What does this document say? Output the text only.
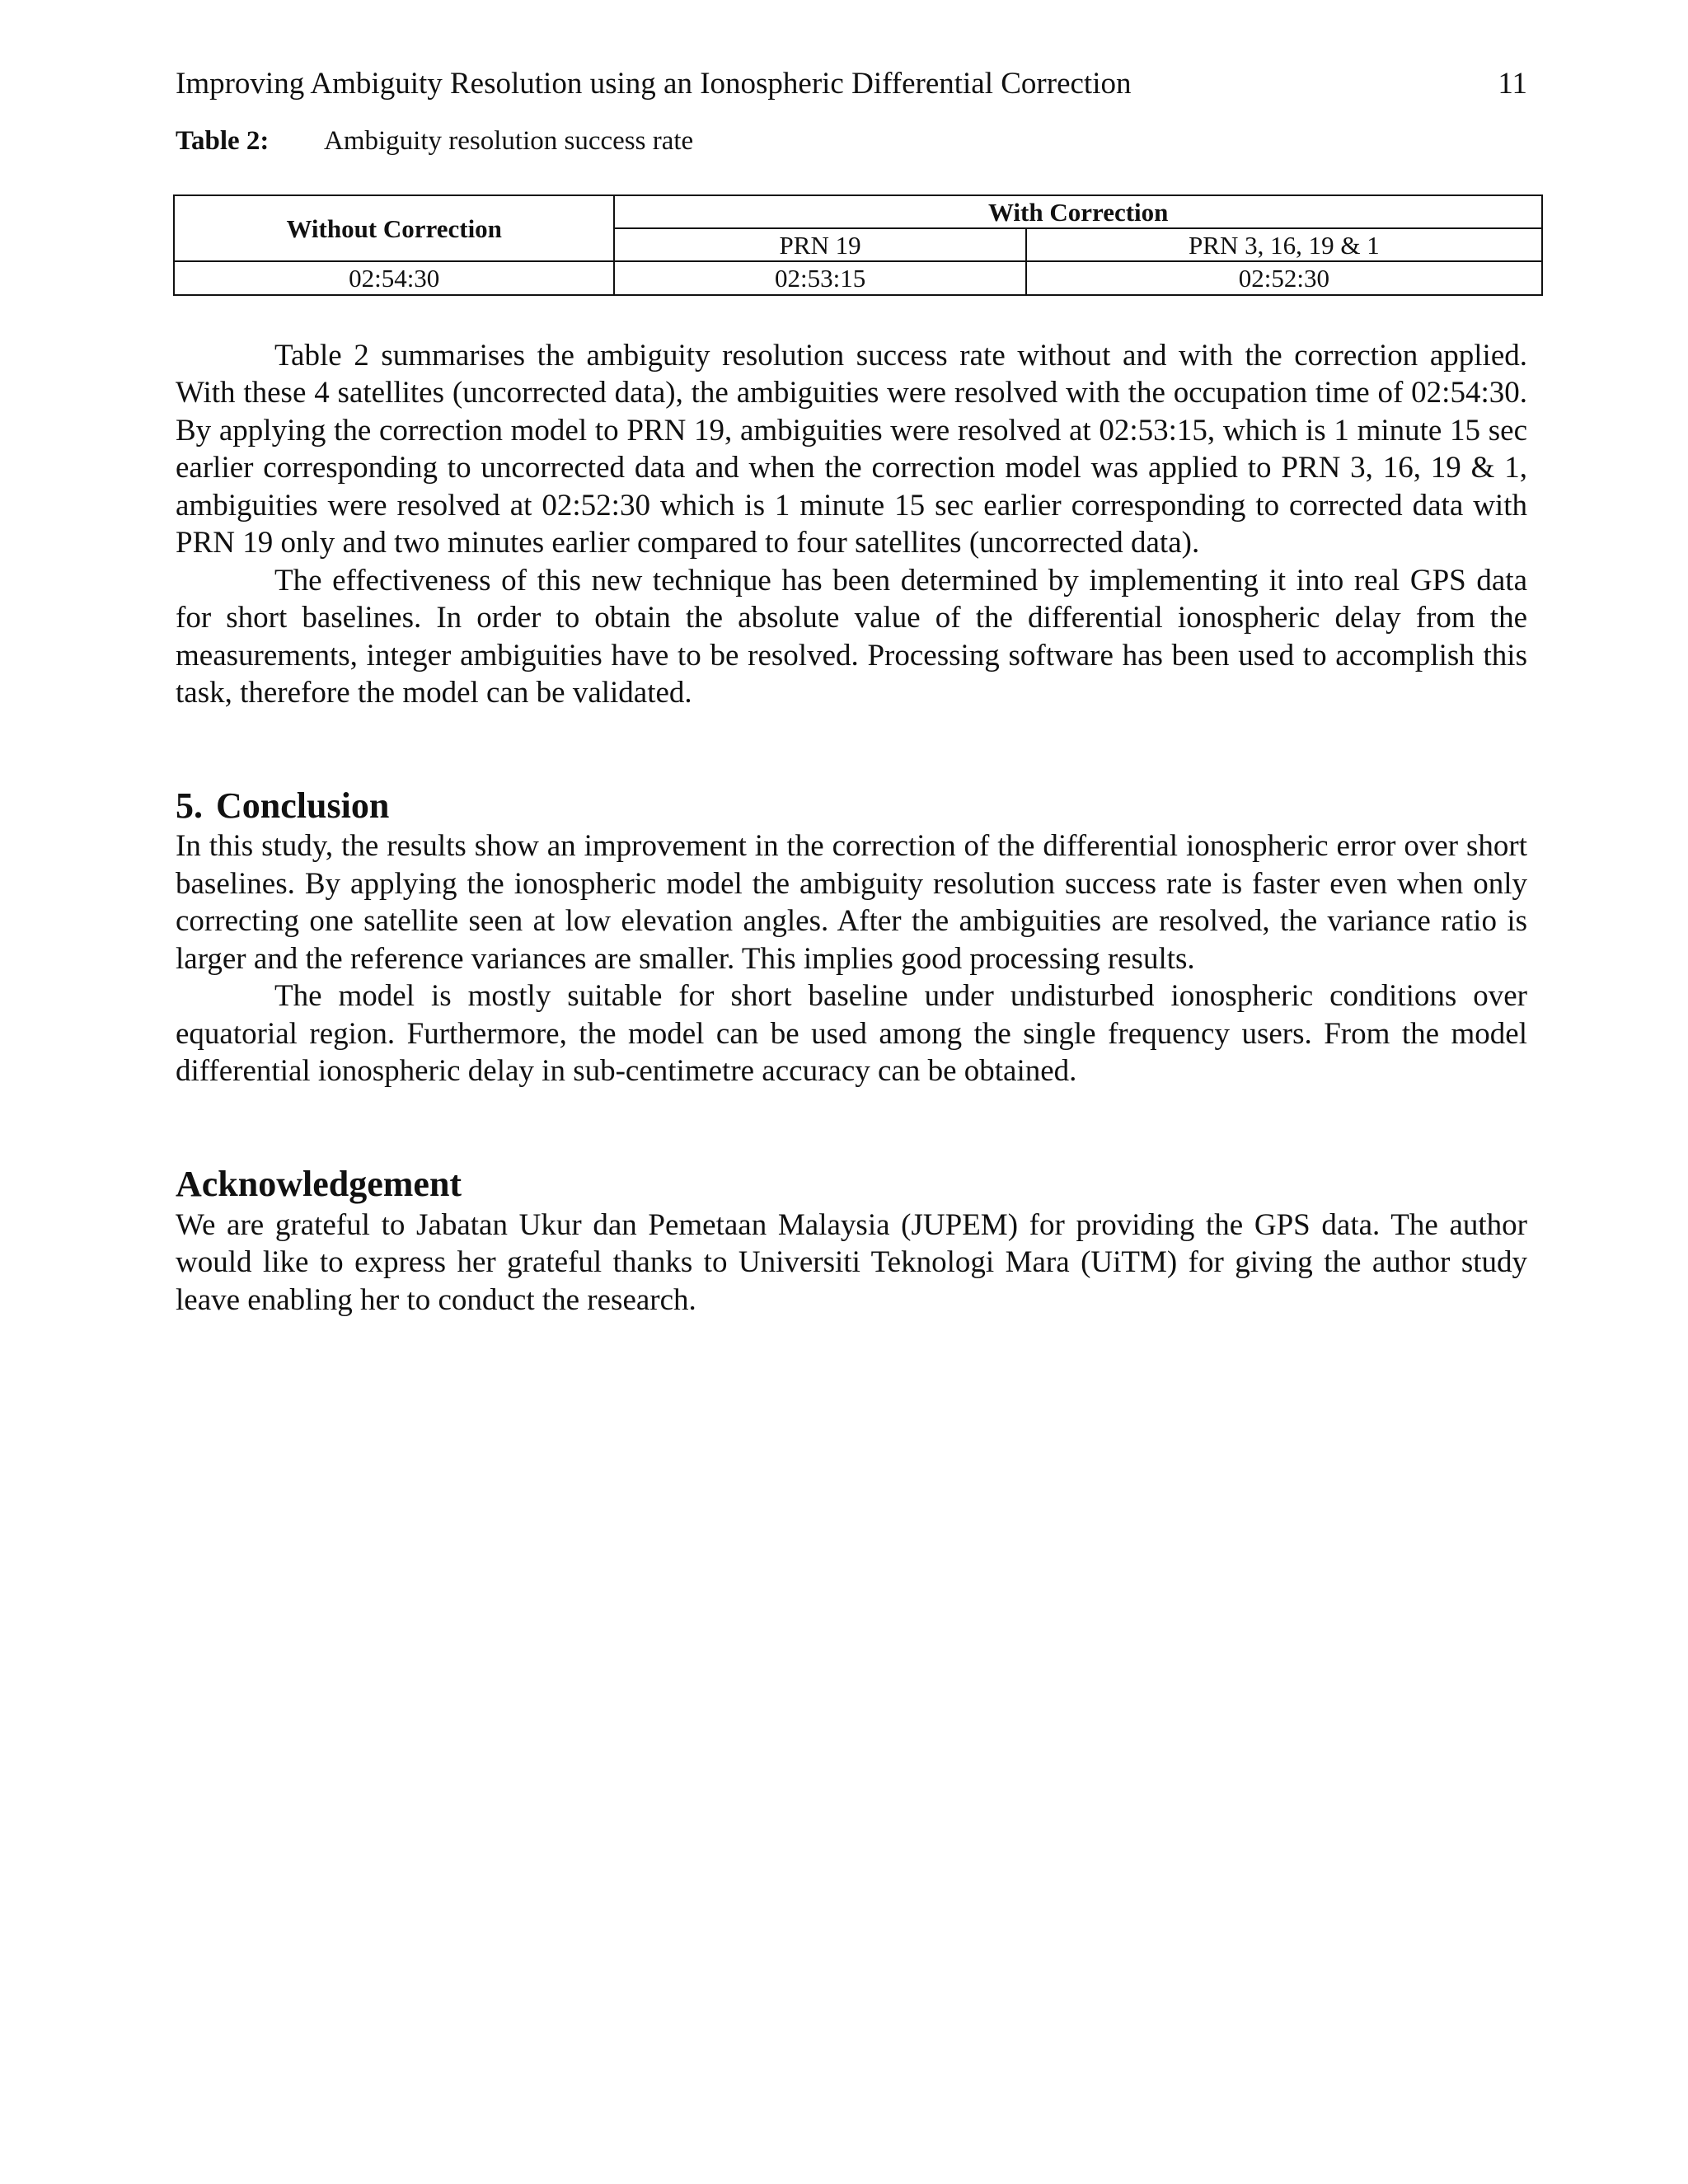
Improving Ambiguity Resolution using an Ionospheric Differential Correction	11
Table 2:	Ambiguity resolution success rate
Without Correction	With Correction	
	PRN 19	PRN 3, 16, 19 & 1
02:54:30	02:53:15	02:52:30

Table 2 summarises the ambiguity resolution success rate without and with the correction applied. With these 4 satellites (uncorrected data), the ambiguities were resolved with the occupation time of 02:54:30. By applying the correction model to PRN 19, ambiguities were resolved at 02:53:15, which is 1 minute 15 sec earlier corresponding to uncorrected data and when the correction model was applied to PRN 3, 16, 19 & 1, ambiguities were resolved at 02:52:30 which is 1 minute 15 sec earlier corresponding to corrected data with PRN 19 only and two minutes earlier compared to four satellites (uncorrected data).

The effectiveness of this new technique has been determined by implementing it into real GPS data for short baselines. In order to obtain the absolute value of the differential ionospheric delay from the measurements, integer ambiguities have to be resolved. Processing software has been used to accomplish this task, therefore the model can be validated.

5. Conclusion

In this study, the results show an improvement in the correction of the differential ionospheric error over short baselines. By applying the ionospheric model the ambiguity resolution success rate is faster even when only correcting one satellite seen at low elevation angles. After the ambiguities are resolved, the variance ratio is larger and the reference variances are smaller. This implies good processing results.

The model is mostly suitable for short baseline under undisturbed ionospheric conditions over equatorial region. Furthermore, the model can be used among the single frequency users. From the model differential ionospheric delay in sub-centimetre accuracy can be obtained.

Acknowledgement

We are grateful to Jabatan Ukur dan Pemetaan Malaysia (JUPEM) for providing the GPS data. The author would like to express her grateful thanks to Universiti Teknologi Mara (UiTM) for giving the author study leave enabling her to conduct the research.
